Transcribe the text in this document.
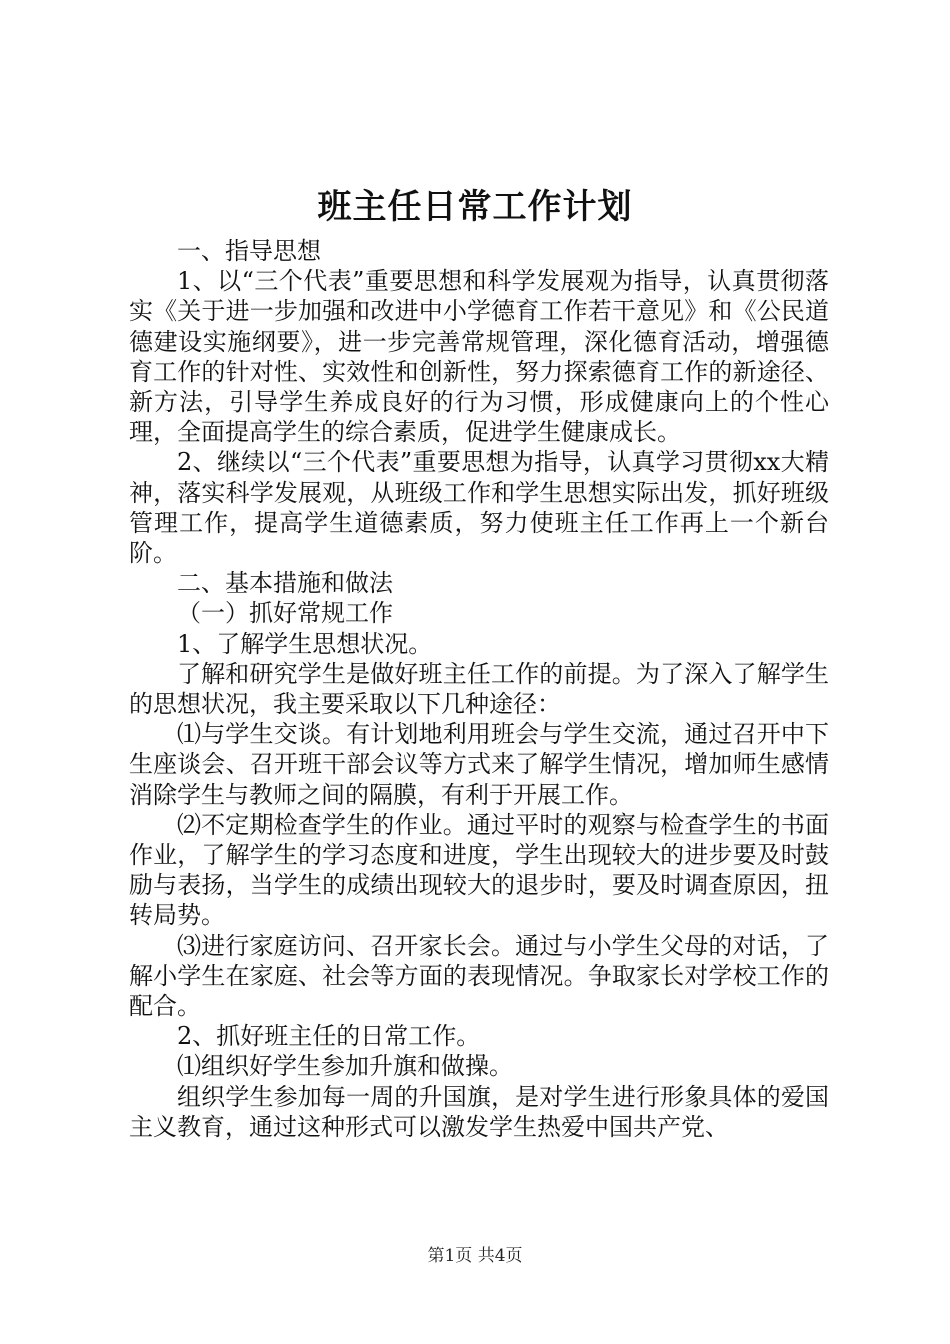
班主任日常工作计划

一、指导思想

1、以“三个代表”重要思想和科学发展观为指导，认真贯彻落实《关于进一步加强和改进中小学德育工作若干意见》和《公民道德建设实施纲要》，进一步完善常规管理，深化德育活动，增强德育工作的针对性、实效性和创新性，努力探索德育工作的新途径、新方法，引导学生养成良好的行为习惯，形成健康向上的个性心理，全面提高学生的综合素质，促进学生健康成长。

2、继续以“三个代表”重要思想为指导，认真学习贯彻xx大精神，落实科学发展观，从班级工作和学生思想实际出发，抓好班级管理工作，提高学生道德素质，努力使班主任工作再上一个新台阶。

二、基本措施和做法

（一）抓好常规工作

1、了解学生思想状况。

了解和研究学生是做好班主任工作的前提。为了深入了解学生的思想状况，我主要采取以下几种途径：

⑴与学生交谈。有计划地利用班会与学生交流，通过召开中下生座谈会、召开班干部会议等方式来了解学生情况，增加师生感情消除学生与教师之间的隔膜，有利于开展工作。

⑵不定期检查学生的作业。通过平时的观察与检查学生的书面作业，了解学生的学习态度和进度，学生出现较大的进步要及时鼓励与表扬，当学生的成绩出现较大的退步时，要及时调查原因，扭转局势。

⑶进行家庭访问、召开家长会。通过与小学生父母的对话，了解小学生在家庭、社会等方面的表现情况。争取家长对学校工作的配合。

2、抓好班主任的日常工作。

⑴组织好学生参加升旗和做操。

组织学生参加每一周的升国旗，是对学生进行形象具体的爱国主义教育，通过这种形式可以激发学生热爱中国共产党、

第1页 共4页
